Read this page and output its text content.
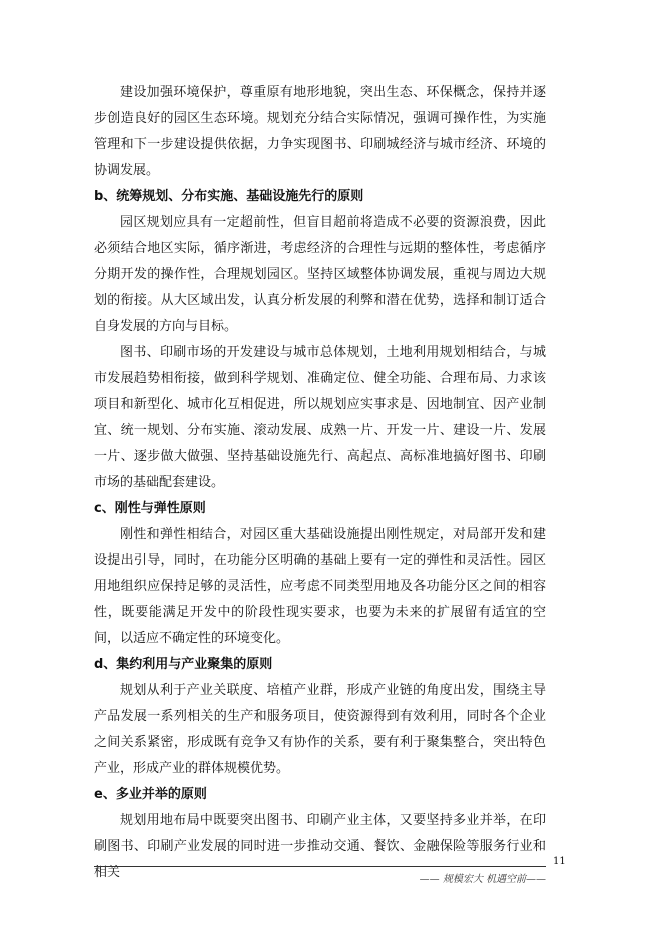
建设加强环境保护，尊重原有地形地貌，突出生态、环保概念，保持并逐步创造良好的园区生态环境。规划充分结合实际情况，强调可操作性，为实施管理和下一步建设提供依据，力争实现图书、印刷城经济与城市经济、环境的协调发展。

b、统筹规划、分布实施、基础设施先行的原则

园区规划应具有一定超前性，但盲目超前将造成不必要的资源浪费，因此必须结合地区实际，循序渐进，考虑经济的合理性与远期的整体性，考虑循序分期开发的操作性，合理规划园区。坚持区域整体协调发展，重视与周边大规划的衔接。从大区域出发，认真分析发展的利弊和潜在优势，选择和制订适合自身发展的方向与目标。

图书、印刷市场的开发建设与城市总体规划，土地利用规划相结合，与城市发展趋势相衔接，做到科学规划、准确定位、健全功能、合理布局、力求该项目和新型化、城市化互相促进，所以规划应实事求是、因地制宜、因产业制宜、统一规划、分布实施、滚动发展、成熟一片、开发一片、建设一片、发展一片、逐步做大做强、坚持基础设施先行、高起点、高标准地搞好图书、印刷市场的基础配套建设。

c、刚性与弹性原则

刚性和弹性相结合，对园区重大基础设施提出刚性规定，对局部开发和建设提出引导，同时，在功能分区明确的基础上要有一定的弹性和灵活性。园区用地组织应保持足够的灵活性，应考虑不同类型用地及各功能分区之间的相容性，既要能满足开发中的阶段性现实要求，也要为未来的扩展留有适宜的空间，以适应不确定性的环境变化。

d、集约利用与产业聚集的原则

规划从利于产业关联度、培植产业群，形成产业链的角度出发，围绕主导产品发展一系列相关的生产和服务项目，使资源得到有效利用，同时各个企业之间关系紧密，形成既有竞争又有协作的关系，要有利于聚集整合，突出特色产业，形成产业的群体规模优势。

e、多业并举的原则

规划用地布局中既要突出图书、印刷产业主体，又要坚持多业并举，在印刷图书、印刷产业发展的同时进一步推动交通、餐饮、金融保险等服务行业和相关

11
—— 规模宏大 机遇空前——
